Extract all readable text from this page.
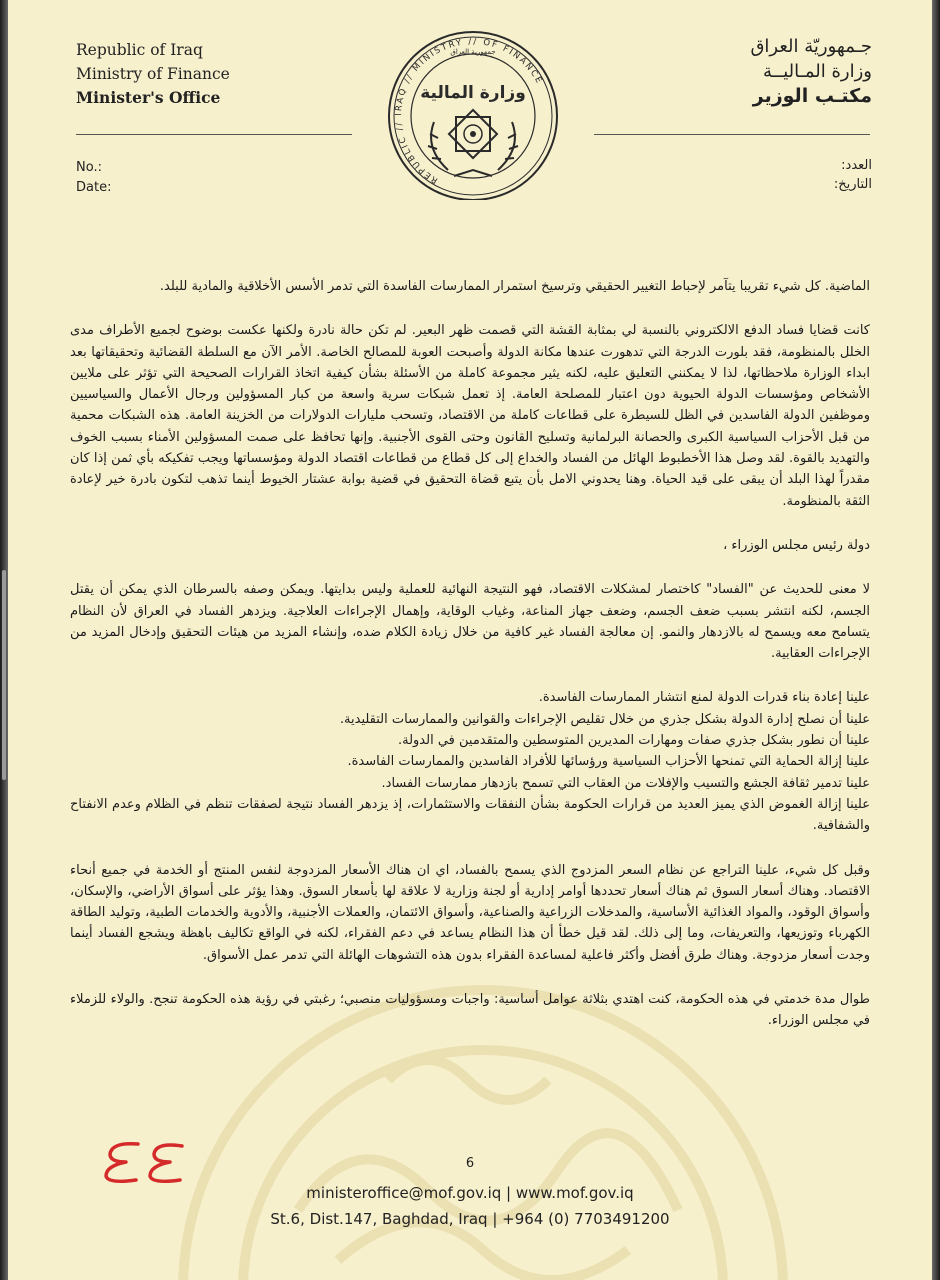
Republic of Iraq
Ministry of Finance
Minister's Office
جـمهوريّة العراق
وزارة المـاليــة
مكتـب الوزير
REPUBLIC // IRAQ // MINISTRY // OF FINANCE
جمهورية العراق
وزارة المالية
No.:
Date:
العدد:
التاريخ:

الماضية. كل شيء تقريبا يتآمر لإحباط التغيير الحقيقي وترسيخ استمرار الممارسات الفاسدة التي تدمر الأسس الأخلاقية والمادية للبلد.

كانت قضايا فساد الدفع الالكتروني بالنسبة لي بمثابة القشة التي قصمت ظهر البعير. لم تكن حالة نادرة ولكنها عكست بوضوح لجميع الأطراف مدى الخلل بالمنظومة، فقد بلورت الدرجة التي تدهورت عندها مكانة الدولة وأصبحت العوبة للمصالح الخاصة. الأمر الآن مع السلطة القضائية وتحقيقاتها بعد ابداء الوزارة ملاحظاتها، لذا لا يمكنني التعليق عليه، لكنه يثير مجموعة كاملة من الأسئلة بشأن كيفية اتخاذ القرارات الصحيحة التي تؤثر على ملايين الأشخاص ومؤسسات الدولة الحيوية دون اعتبار للمصلحة العامة. إذ تعمل شبكات سرية واسعة من كبار المسؤولين ورجال الأعمال والسياسيين وموظفين الدولة الفاسدين في الظل للسيطرة على قطاعات كاملة من الاقتصاد، وتسحب مليارات الدولارات من الخزينة العامة. هذه الشبكات محمية من قبل الأحزاب السياسية الكبرى والحصانة البرلمانية وتسليح القانون وحتى القوى الأجنبية. وإنها تحافظ على صمت المسؤولين الأمناء بسبب الخوف والتهديد بالقوة. لقد وصل هذا الأخطبوط الهائل من الفساد والخداع إلى كل قطاع من قطاعات اقتصاد الدولة ومؤسساتها ويجب تفكيكه بأي ثمن إذا كان مقدراً لهذا البلد أن يبقى على قيد الحياة. وهنا يحدوني الامل بأن يتبع قضاة التحقيق في قضية بوابة عشتار الخيوط أينما تذهب لتكون بادرة خير لإعادة الثقة بالمنظومة.

دولة رئيس مجلس الوزراء ،

لا معنى للحديث عن "الفساد" كاختصار لمشكلات الاقتصاد، فهو النتيجة النهائية للعملية وليس بدايتها. ويمكن وصفه بالسرطان الذي يمكن أن يقتل الجسم، لكنه انتشر بسبب ضعف الجسم، وضعف جهاز المناعة، وغياب الوقاية، وإهمال الإجراءات العلاجية. ويزدهر الفساد في العراق لأن النظام يتسامح معه ويسمح له بالازدهار والنمو. إن معالجة الفساد غير كافية من خلال زيادة الكلام ضده، وإنشاء المزيد من هيئات التحقيق وإدخال المزيد من الإجراءات العقابية.

علينا إعادة بناء قدرات الدولة لمنع انتشار الممارسات الفاسدة.
علينا أن نصلح إدارة الدولة بشكل جذري من خلال تقليص الإجراءات والقوانين والممارسات التقليدية.
علينا أن نطور بشكل جذري صفات ومهارات المديرين المتوسطين والمتقدمين في الدولة.
علينا إزالة الحماية التي تمنحها الأحزاب السياسية ورؤسائها للأفراد الفاسدين والممارسات الفاسدة.
علينا تدمير ثقافة الجشع والتسيب والإفلات من العقاب التي تسمح بازدهار ممارسات الفساد.
علينا إزالة الغموض الذي يميز العديد من قرارات الحكومة بشأن النفقات والاستثمارات، إذ يزدهر الفساد نتيجة لصفقات تنظم في الظلام وعدم الانفتاح والشفافية.

وقبل كل شيء، علينا التراجع عن نظام السعر المزدوج الذي يسمح بالفساد، اي ان هناك الأسعار المزدوجة لنفس المنتج أو الخدمة في جميع أنحاء الاقتصاد. وهناك أسعار السوق ثم هناك أسعار تحددها أوامر إدارية أو لجنة وزارية لا علاقة لها بأسعار السوق. وهذا يؤثر على أسواق الأراضي، والإسكان، وأسواق الوقود، والمواد الغذائية الأساسية، والمدخلات الزراعية والصناعية، وأسواق الائتمان، والعملات الأجنبية، والأدوية والخدمات الطبية، وتوليد الطاقة الكهرباء وتوزيعها، والتعريفات، وما إلى ذلك. لقد قيل خطأ أن هذا النظام يساعد في دعم الفقراء، لكنه في الواقع تكاليف باهظة ويشجع الفساد أينما وجدت أسعار مزدوجة. وهناك طرق أفضل وأكثر فاعلية لمساعدة الفقراء بدون هذه التشوهات الهائلة التي تدمر عمل الأسواق.

طوال مدة خدمتي في هذه الحكومة، كنت اهتدي بثلاثة عوامل أساسية: واجبات ومسؤوليات منصبي؛ رغبتي في رؤية هذه الحكومة تنجح. والولاء للزملاء في مجلس الوزراء.

6
ministeroffice@mof.gov.iq | www.mof.gov.iq
St.6, Dist.147, Baghdad, Iraq | +964 (0) 7703491200
